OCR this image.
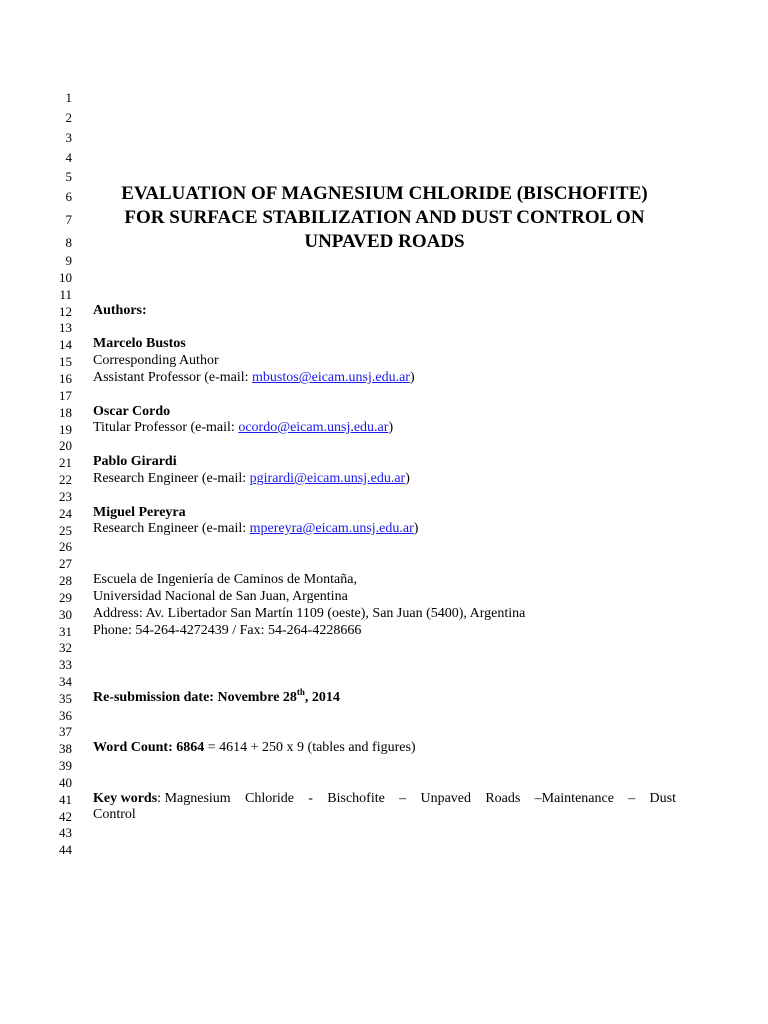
1
2
3
4
5
6
7
8
9
10
11
12
13
14
15
16
17
18
19
20
21
22
23
24
25
26
27
28
29
30
31
32
33
34
35
36
37
38
39
40
41
42
43
44
EVALUATION OF MAGNESIUM CHLORIDE (BISCHOFITE)
FOR SURFACE STABILIZATION AND DUST CONTROL ON
UNPAVED ROADS
Authors:
Marcelo Bustos
Corresponding Author
Assistant Professor (e-mail: mbustos@eicam.unsj.edu.ar)
Oscar Cordo
Titular Professor (e-mail: ocordo@eicam.unsj.edu.ar)
Pablo Girardi
Research Engineer (e-mail: pgirardi@eicam.unsj.edu.ar)
Miguel Pereyra
Research Engineer (e-mail: mpereyra@eicam.unsj.edu.ar)
Escuela de Ingeniería de Caminos de Montaña,
Universidad Nacional de San Juan, Argentina
Address: Av. Libertador San Martín 1109 (oeste), San Juan (5400), Argentina
Phone: 54-264-4272439 / Fax: 54-264-4228666
Re-submission date: Novembre 28th, 2014
Word Count: 6864 = 4614 + 250 x 9 (tables and figures)
Key words: Magnesium Chloride - Bischofite – Unpaved Roads –Maintenance – Dust
Control
